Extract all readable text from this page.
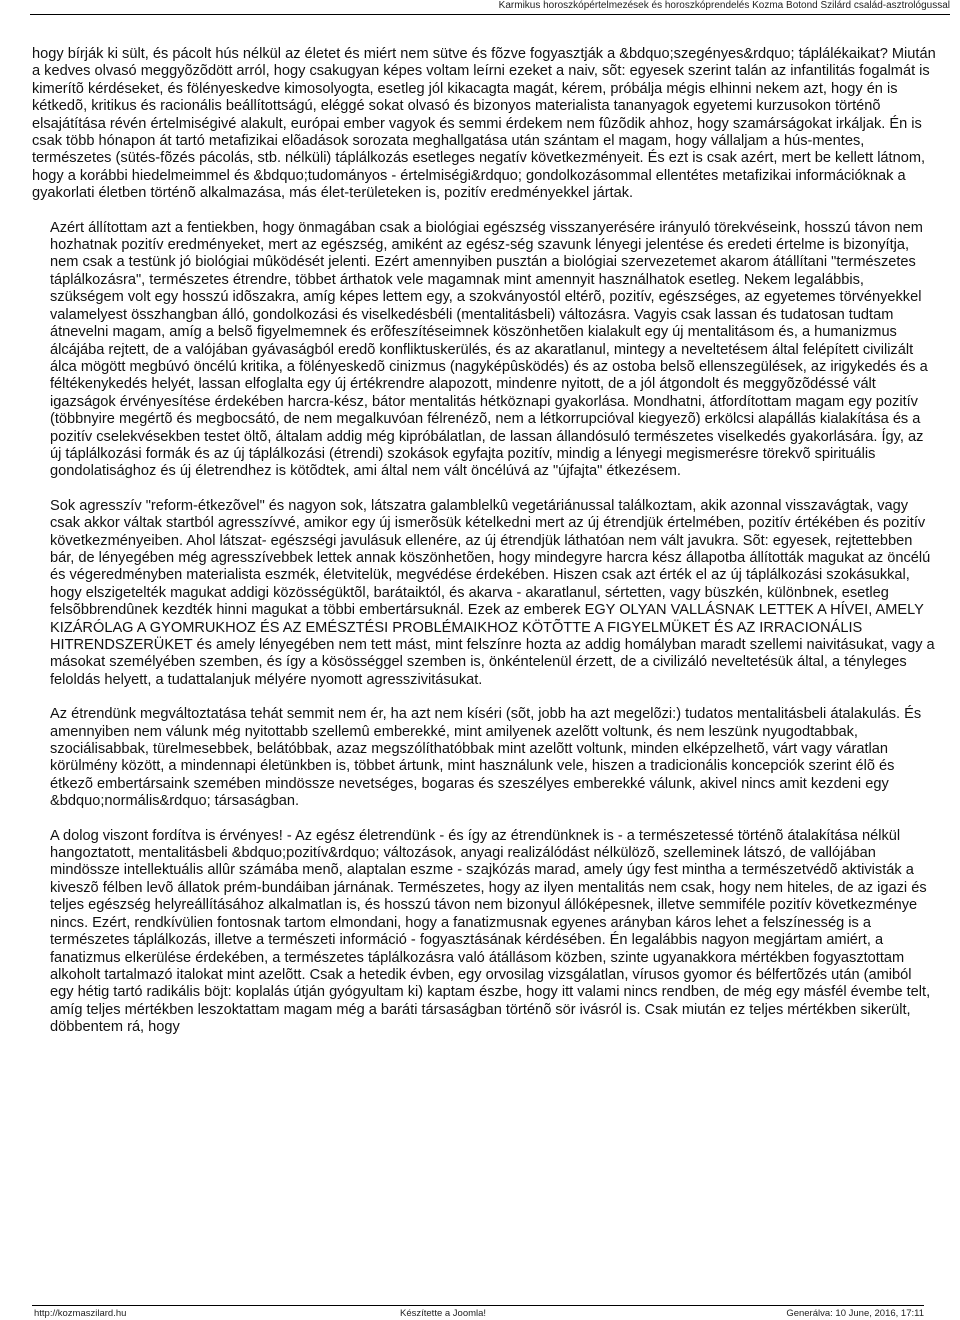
Karmikus horoszkópértelmezések és horoszkóprendelés Kozma Botond Szilárd család-asztrológussal

hogy bírják ki sült, és pácolt hús nélkül az életet és miért nem sütve és fõzve fogyasztják a &bdquo;szegényes&rdquo; táplálékaikat? Miután a kedves olvasó meggyõzõdött arról, hogy csakugyan képes voltam leírni ezeket a naiv, sõt: egyesek szerint talán az infantilitás fogalmát is kimerítõ kérdéseket, és fölényeskedve kimosolyogta, esetleg jól kikacagta magát, kérem, próbálja mégis elhinni nekem azt, hogy én is kétkedõ, kritikus és racionális beállítottságú, eléggé sokat olvasó és bizonyos materialista tananyagok egyetemi kurzusokon történõ elsajátítása révén értelmiségivé alakult, európai ember vagyok és semmi érdekem nem fûzõdik ahhoz, hogy szamárságokat irkáljak. Én is csak több hónapon át tartó metafizikai elõadások sorozata meghallgatása után szántam el magam, hogy vállaljam a hús-mentes, természetes (sütés-fõzés pácolás, stb. nélküli) táplálkozás esetleges negatív következményeit. És ezt is csak azért, mert be kellett látnom, hogy a korábbi hiedelmeimmel és &bdquo;tudományos - értelmiségi&rdquo; gondolkozásommal ellentétes metafizikai információknak a gyakorlati életben történõ alkalmazása, más élet-területeken is, pozitív eredményekkel jártak.

Azért állítottam azt a fentiekben, hogy önmagában csak a biológiai egészség visszanyerésére irányuló törekvéseink, hosszú távon nem hozhatnak pozitív eredményeket, mert az egészség, amiként az egész-ség szavunk lényegi jelentése és eredeti értelme is bizonyítja, nem csak a testünk jó biológiai mûködését jelenti. Ezért amennyiben pusztán a biológiai szervezetemet akarom átállítani "természetes táplálkozásra", természetes étrendre, többet árthatok vele magamnak mint amennyit használhatok esetleg. Nekem legalábbis, szükségem volt egy hosszú idõszakra, amíg képes lettem egy, a szokványostól eltérõ, pozitív, egészséges, az egyetemes törvényekkel valamelyest összhangban álló, gondolkozási és viselkedésbéli (mentalitásbeli) változásra. Vagyis csak lassan és tudatosan tudtam átnevelni magam, amíg a belsõ figyelmemnek és erõfeszítéseimnek köszönhetõen kialakult egy új mentalitásom és, a humanizmus álcájába rejtett, de a valójában gyávaságból eredõ konfliktuskerülés, és az akaratlanul, mintegy a neveltetésem által felépített civilizált álca mögött megbúvó öncélú kritika, a fölényeskedõ cinizmus (nagyképûsködés) és az ostoba belsõ ellenszegülések, az irigykedés és a féltékenykedés helyét, lassan elfoglalta egy új értékrendre alapozott, mindenre nyitott, de a jól átgondolt és meggyõzõdéssé vált igazságok érvényesítése érdekében harcra-kész, bátor mentalitás hétköznapi gyakorlása. Mondhatni, átfordítottam magam egy pozitív (többnyire megértõ és megbocsátó, de nem megalkuvóan félrenézõ, nem a létkorrupcióval kiegyezõ) erkölcsi alapállás kialakítása és a pozitív cselekvésekben testet öltõ, általam addig még kipróbálatlan, de lassan állandósuló természetes viselkedés gyakorlására. Így, az új táplálkozási formák és az új táplálkozási (étrendi) szokások egyfajta pozitív, mindig a lényegi megismerésre törekvõ spirituális gondolatisághoz és új életrendhez is kötõdtek, ami által nem vált öncélúvá az "újfajta" étkezésem.

Sok agresszív "reform-étkezõvel" és nagyon sok, látszatra galamblelkû vegetáriánussal találkoztam, akik azonnal visszavágtak, vagy csak akkor váltak startból agresszívvé, amikor egy új ismerõsük kételkedni mert az új étrendjük értelmében, pozitív értékében és pozitív következményeiben. Ahol látszat- egészségi javulásuk ellenére, az új étrendjük láthatóan nem vált javukra. Sõt: egyesek, rejtettebben bár, de lényegében még agresszívebbek lettek annak köszönhetõen, hogy mindegyre harcra kész állapotba állították magukat az öncélú és végeredményben materialista eszmék, életvitelük, megvédése érdekében. Hiszen csak azt érték el az új táplálkozási szokásukkal, hogy elszigetelték magukat addigi közösségüktõl, barátaiktól, és akarva - akaratlanul, sértetten, vagy büszkén, különbnek, esetleg felsõbbrendûnek kezdték hinni magukat a többi embertársuknál. Ezek az emberek EGY OLYAN VALLÁSNAK LETTEK A HÍVEI, AMELY KIZÁRÓLAG A GYOMRUKHOZ ÉS AZ EMÉSZTÉSI PROBLÉMAIKHOZ KÖTÕTTE A FIGYELMÜKET ÉS AZ IRRACIONÁLIS HITRENDSZERÜKET és amely lényegében nem tett mást, mint felszínre hozta az addig homályban maradt szellemi naivitásukat, vagy a másokat személyében szemben, és így a kösösséggel szemben is, önkéntelenül érzett, de a civilizáló neveltetésük által, a tényleges feloldás helyett, a tudattalanjuk mélyére nyomott agresszivitásukat.

Az étrendünk megváltoztatása tehát semmit nem ér, ha azt nem kíséri (sõt, jobb ha azt megelõzi:) tudatos mentalitásbeli átalakulás. És amennyiben nem válunk még nyitottabb szellemû emberekké, mint amilyenek azelõtt voltunk, és nem leszünk nyugodtabbak, szociálisabbak, türelmesebbek, belátóbbak, azaz megszólíthatóbbak mint azelõtt voltunk, minden elképzelhetõ, várt vagy váratlan körülmény között, a mindennapi életünkben is, többet ártunk, mint használunk vele, hiszen a tradicionális koncepciók szerint élõ és étkezõ embertársaink szemében mindössze nevetséges, bogaras és szeszélyes emberekké válunk, akivel nincs amit kezdeni egy &bdquo;normális&rdquo; társaságban.

A dolog viszont fordítva is érvényes! - Az egész életrendünk - és így az étrendünknek is - a természetessé történõ átalakítása nélkül hangoztatott, mentalitásbeli &bdquo;pozitív&rdquo; változások, anyagi realizálódást nélkülözõ, szelleminek látszó, de vallójában mindössze intellektuális allûr számába menõ, alaptalan eszme - szajkózás marad, amely úgy fest mintha a természetvédõ aktivisták a kiveszõ félben levõ állatok prém-bundáiban járnának. Természetes, hogy az ilyen mentalitás nem csak, hogy nem hiteles, de az igazi és teljes egészség helyreállításához alkalmatlan is, és hosszú távon nem bizonyul állóképesnek, illetve semmiféle pozitív következménye nincs. Ezért, rendkívülien fontosnak tartom elmondani, hogy a fanatizmusnak egyenes arányban káros lehet a felszínesség is a természetes táplálkozás, illetve a természeti információ - fogyasztásának kérdésében. Én legalábbis nagyon megjártam amiért, a fanatizmus elkerülése érdekében, a természetes táplálkozásra való átállásom közben, szinte ugyanakkora mértékben fogyasztottam alkoholt tartalmazó italokat mint azelõtt. Csak a hetedik évben, egy orvosilag vizsgálatlan, vírusos gyomor és bélfertõzés után (amiból egy hétig tartó radikális böjt: koplalás útján gyógyultam ki) kaptam észbe, hogy itt valami nincs rendben, de még egy másfél évembe telt, amíg teljes mértékben leszoktattam magam még a baráti társaságban történõ sör ivásról is. Csak miután ez teljes mértékben sikerült, döbbentem rá, hogy

http://kozmaszilard.hu	Készítette a Joomla!	Generálva: 10 June, 2016, 17:11
